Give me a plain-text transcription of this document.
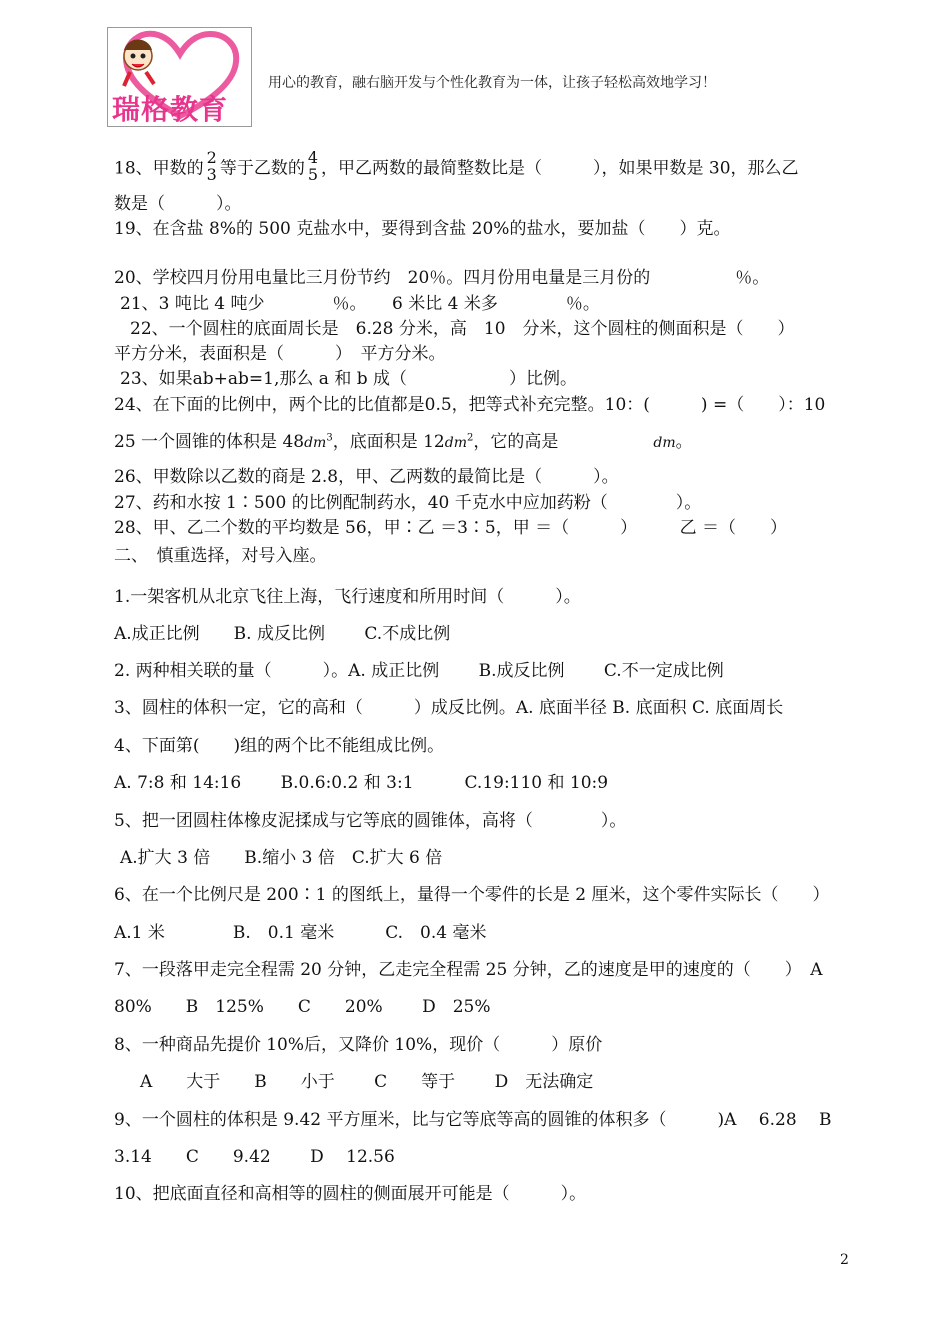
瑞格教育
用心的教育，融右脑开发与个性化教育为一体，让孩子轻松高效地学习！
18、甲数的
2
3 等于乙数的
4
5 ，甲乙两数的最简整数比是（　　　），如果甲数是 30，那么乙
数是（　　　）。
19、在含盐 8%的 500 克盐水中，要得到含盐 20%的盐水，要加盐（　　）克。
20、学校四月份用电量比三月份节约　20％。四月份用电量是三月份的　　　　　％。
21、3 吨比 4 吨少　　　　％。　　6 米比 4 米多　　　　％。
22、一个圆柱的底面周长是　6.28 分米，高　10　分米，这个圆柱的侧面积是（　　）
平方分米，表面积是（　　　）　平方分米。
23、如果ab+ab=1,那么 a 和 b 成（　　　　　　）比例。
24、在下面的比例中，两个比的比值都是0.5，把等式补充完整。10：(　　　) =（　　）：10
25 一个圆锥的体积是 $48dm^3$，底面积是 $12dm^2$，它的高是	dm。
26、甲数除以乙数的商是 2.8，甲、乙两数的最简比是（　　　）。
27、药和水按 1∶500 的比例配制药水，40 千克水中应加药粉（　　　　）。
28、甲、乙二个数的平均数是 56，甲∶乙 ＝3∶5，甲 ＝（　　　）　　　乙 ＝（　　）
二、　慎重选择，对号入座。
1.一架客机从北京飞往上海，飞行速度和所用时间（　　　）。
A.成正比例　　B. 成反比例　　 C.不成比例
2. 两种相关联的量（　　　）。A. 成正比例　　 B.成反比例　　 C.不一定成比例
3、圆柱的体积一定，它的高和（　　　）成反比例。A. 底面半径 B. 底面积 C. 底面周长
4、下面第(　　)组的两个比不能组成比例。
A. 7:8 和 14:16　　 B.0.6:0.2 和 3:1　　　C.19:110 和 10:9
5、把一团圆柱体橡皮泥揉成与它等底的圆锥体，高将（　　　　）。
A.扩大 3 倍　　B.缩小 3 倍　C.扩大 6 倍
6、在一个比例尺是 200∶1 的图纸上，量得一个零件的长是 2 厘米，这个零件实际长（　　）
A.1 米　　　　B.　0.1 毫米　　　C.　0.4 毫米
7、一段落甲走完全程需 20 分钟，乙走完全程需 25 分钟，乙的速度是甲的速度的（　　）　A
80%　　B　125%　　C　　20%　　 D　25%
8、一种商品先提价 10%后，又降价 10%，现价（　　　）原价
A　　大于　　B　　小于　　 C　　等于　　 D　无法确定
9、一个圆柱的体积是 9.42 平方厘米，比与它等底等高的圆锥的体积多（　　　)A　 6.28　 B
3.14　　C　　9.42　　 D　 12.56
10、把底面直径和高相等的圆柱的侧面展开可能是（　　　）。
2
